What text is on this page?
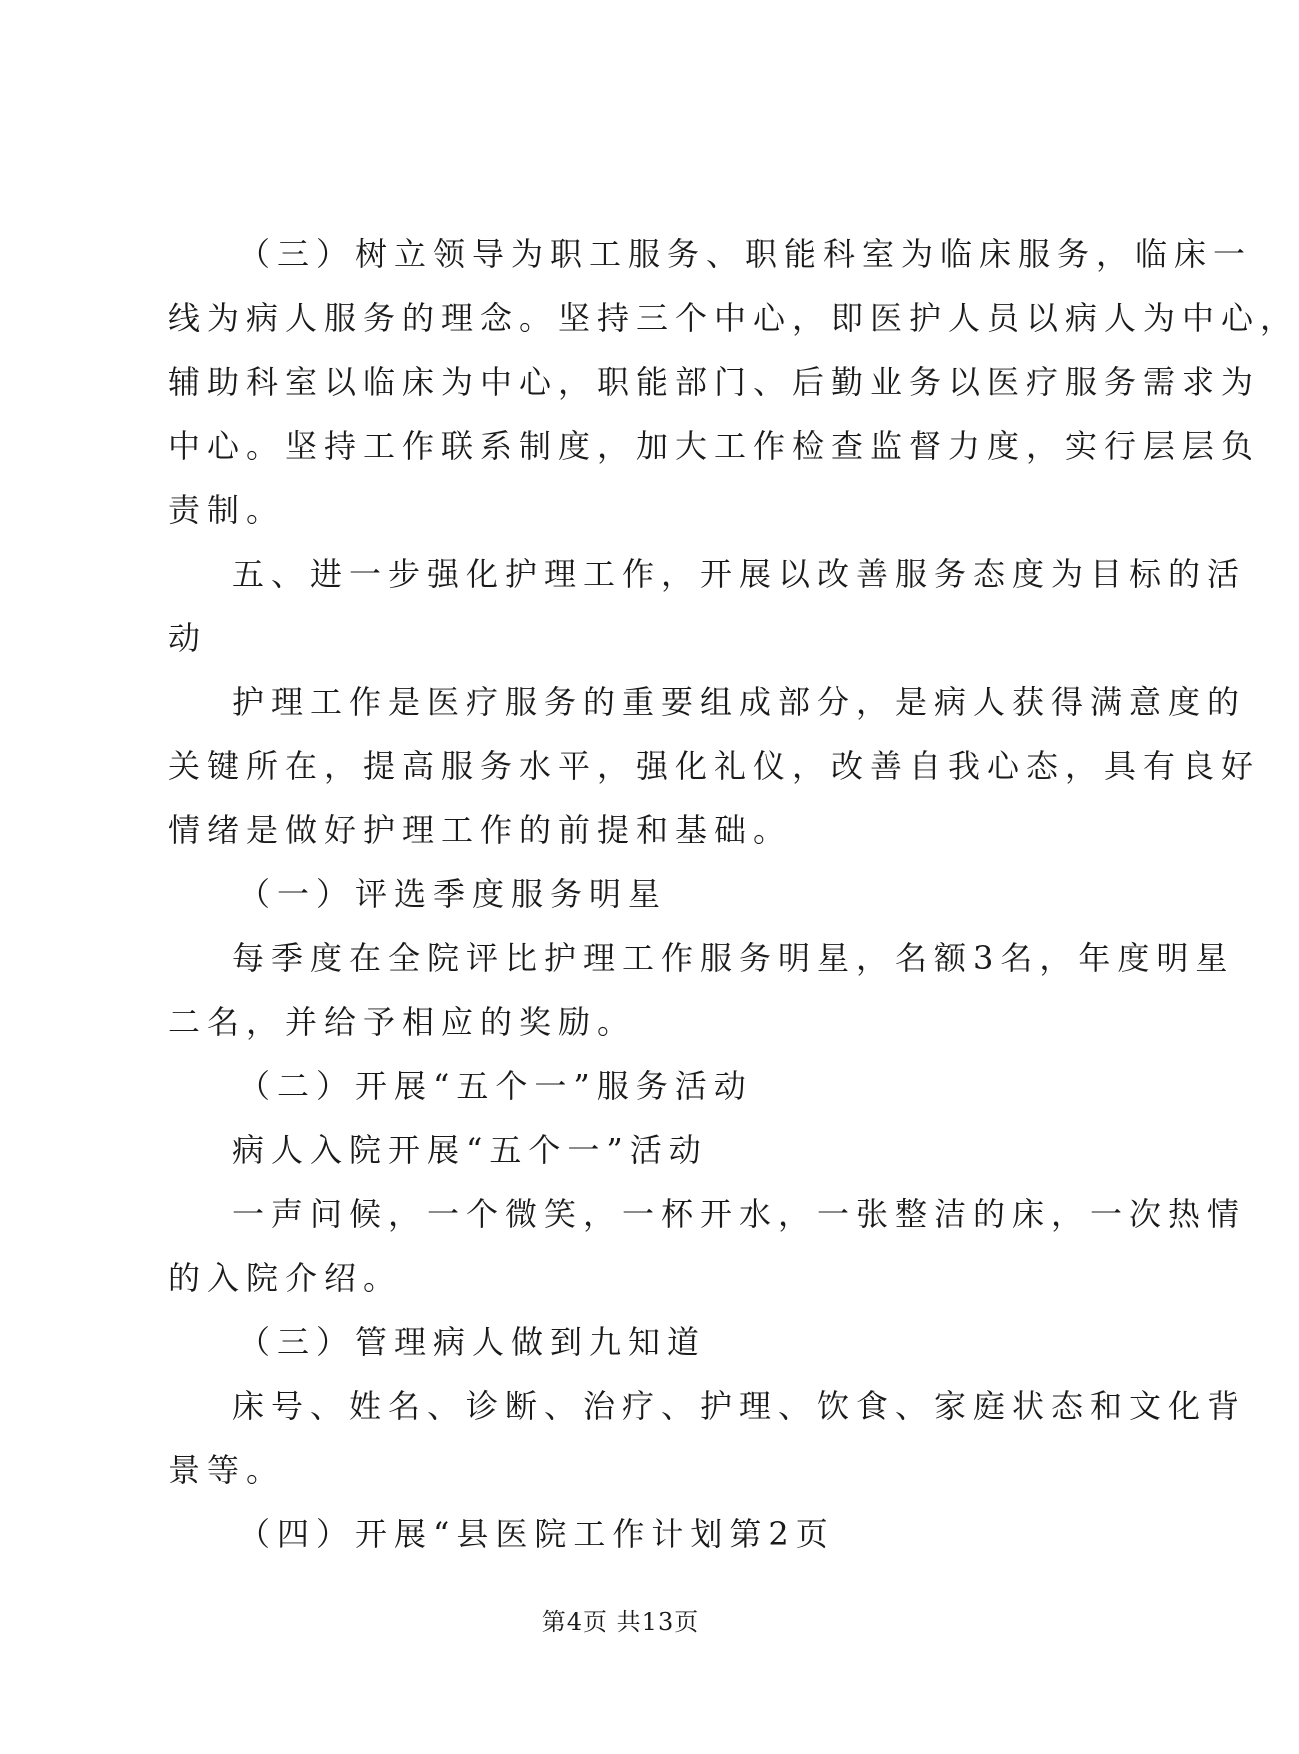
（三）树立领导为职工服务、职能科室为临床服务，临床一
线为病人服务的理念。坚持三个中心，即医护人员以病人为中心，
辅助科室以临床为中心，职能部门、后勤业务以医疗服务需求为
中心。坚持工作联系制度，加大工作检查监督力度，实行层层负
责制。
五、进一步强化护理工作，开展以改善服务态度为目标的活
动
护理工作是医疗服务的重要组成部分，是病人获得满意度的
关键所在，提高服务水平，强化礼仪，改善自我心态，具有良好
情绪是做好护理工作的前提和基础。
（一）评选季度服务明星
每季度在全院评比护理工作服务明星，名额3名，年度明星
二名，并给予相应的奖励。
（二）开展“五个一”服务活动
病人入院开展“五个一”活动
一声问候，一个微笑，一杯开水，一张整洁的床，一次热情
的入院介绍。
（三）管理病人做到九知道
床号、姓名、诊断、治疗、护理、饮食、家庭状态和文化背
景等。
（四）开展“县医院工作计划第2页
第4页 共13页
